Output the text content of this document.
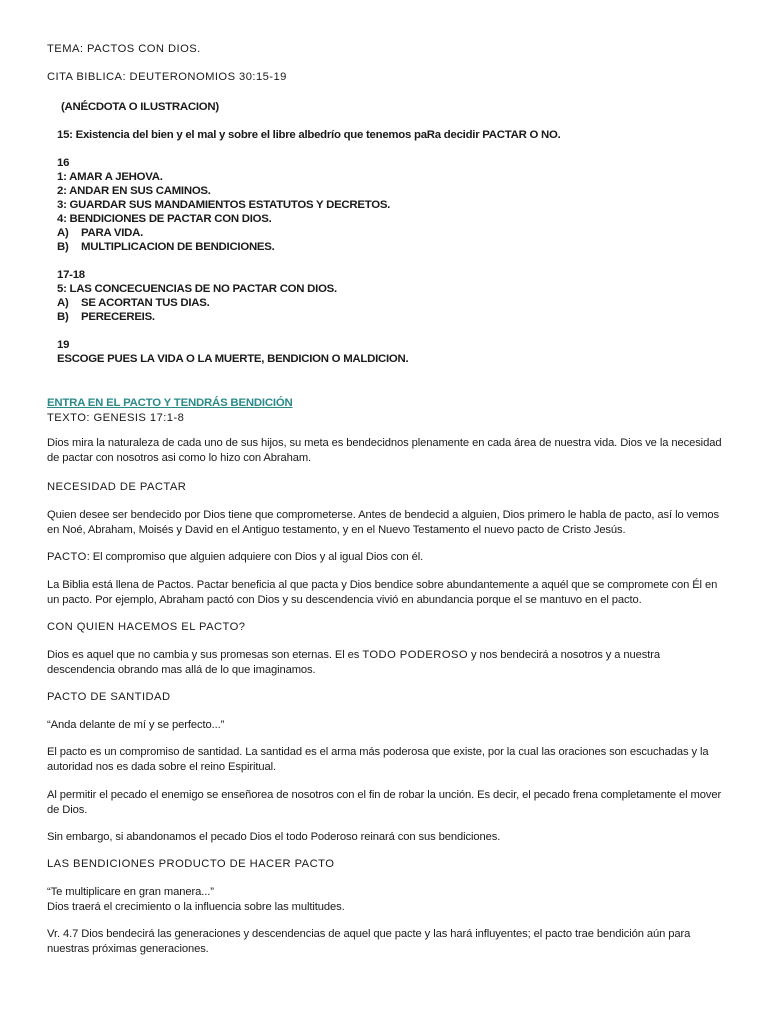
TEMA: PACTOS CON DIOS.
CITA BIBLICA: DEUTERONOMIOS 30:15-19
(ANÉCDOTA O ILUSTRACION)
15: Existencia del bien y el mal y sobre el libre albedrío que tenemos paRa decidir PACTAR O NO.
16
1: AMAR A JEHOVA.
2: ANDAR EN SUS CAMINOS.
3: GUARDAR SUS MANDAMIENTOS ESTATUTOS Y DECRETOS.
4: BENDICIONES DE PACTAR CON DIOS.
A) PARA VIDA.
B) MULTIPLICACION DE BENDICIONES.
17-18
5: LAS CONCECUENCIAS DE NO PACTAR CON DIOS.
A) SE ACORTAN TUS DIAS.
B) PERECEREIS.
19
ESCOGE PUES LA VIDA O LA MUERTE, BENDICION O MALDICION.
ENTRA EN EL PACTO Y TENDRÁS BENDICIÓN
TEXTO: GENESIS 17:1-8
Dios mira la naturaleza de cada uno de sus hijos, su meta es bendecidnos plenamente en cada área de nuestra vida. Dios ve la necesidad de pactar con nosotros asi como lo hizo con Abraham.
NECESIDAD DE PACTAR
Quien desee ser bendecido por Dios tiene que comprometerse. Antes de bendecid a alguien, Dios primero le habla de pacto, así lo vemos en Noé, Abraham, Moisés y David en el Antiguo testamento, y en el Nuevo Testamento el nuevo pacto de Cristo Jesús.
PACTO: El compromiso que alguien adquiere con Dios y al igual Dios con él.
La Biblia está llena de Pactos. Pactar beneficia al que pacta y Dios bendice sobre abundantemente a aquél que se compromete con Él en un pacto. Por ejemplo, Abraham pactó con Dios y su descendencia vivió en abundancia porque el se mantuvo en el pacto.
CON QUIEN HACEMOS EL PACTO?
Dios es aquel que no cambia y sus promesas son eternas. El es TODO PODEROSO y nos bendecirá a nosotros y a nuestra descendencia obrando mas allá de lo que imaginamos.
PACTO DE SANTIDAD
“Anda delante de mí y se perfecto...”
El pacto es un compromiso de santidad. La santidad es el arma más poderosa que existe, por la cual las oraciones son escuchadas y la autoridad nos es dada sobre el reino Espiritual.
Al permitir el pecado el enemigo se enseñorea de nosotros con el fin de robar la unción. Es decir, el pecado frena completamente el mover de Dios.
Sin embargo, si abandonamos el pecado Dios el todo Poderoso reinará con sus bendiciones.
LAS BENDICIONES PRODUCTO DE HACER PACTO
“Te multiplicare en gran manera...”
Dios traerá el crecimiento o la influencia sobre las multitudes.
Vr. 4.7 Dios bendecirá las generaciones y descendencias de aquel que pacte y las hará influyentes; el pacto trae bendición aún para nuestras próximas generaciones.
